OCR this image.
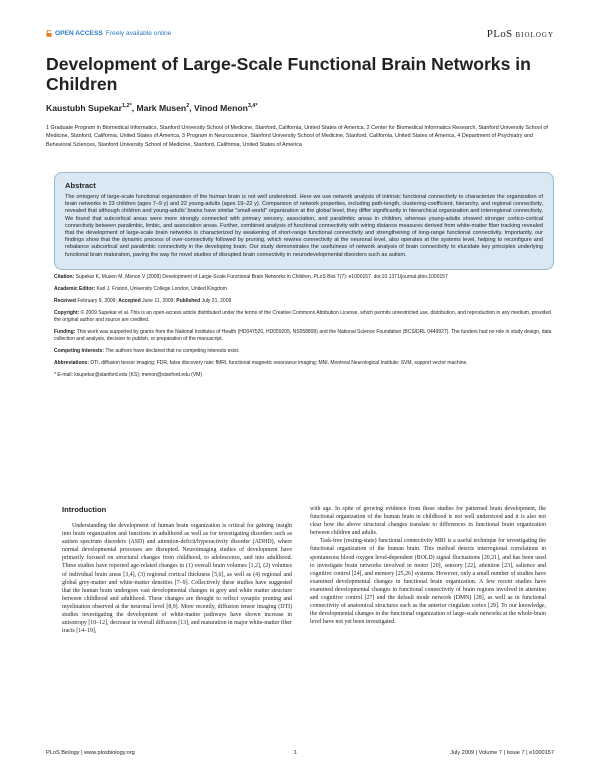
OPEN ACCESS Freely available online	PLoS BIOLOGY
Development of Large-Scale Functional Brain Networks in Children
Kaustubh Supekar$^{1,2*}$, Mark Musen$^2$, Vinod Menon$^{3,4*}$
1 Graduate Program in Biomedical Informatics, Stanford University School of Medicine, Stanford, California, United States of America, 2 Center for Biomedical Informatics Research, Stanford University School of Medicine, Stanford, California, United States of America, 3 Program in Neuroscience, Stanford University School of Medicine, Stanford, California, United States of America, 4 Department of Psychiatry and Behavioral Sciences, Stanford University School of Medicine, Stanford, California, United States of America
Abstract

The ontogeny of large-scale functional organization of the human brain is not well understood. Here we use network analysis of intrinsic functional connectivity to characterize the organization of brain networks in 23 children (ages 7–9 y) and 22 young-adults (ages 19–22 y). Comparison of network properties, including path-length, clustering-coefficient, hierarchy, and regional connectivity, revealed that although children and young-adults' brains have similar "small-world" organization at the global level, they differ significantly in hierarchical organization and interregional connectivity. We found that subcortical areas were more strongly connected with primary sensory, association, and paralimbic areas in children, whereas young-adults showed stronger cortico-cortical connectivity between paralimbic, limbic, and association areas. Further, combined analysis of functional connectivity with wiring distance measures derived from white-matter fiber tracking revealed that the development of large-scale brain networks is characterized by weakening of short-range functional connectivity and strengthening of long-range functional connectivity. Importantly, our findings show that the dynamic process of over-connectivity followed by pruning, which rewires connectivity at the neuronal level, also operates at the systems level, helping to reconfigure and rebalance subcortical and paralimbic connectivity in the developing brain. Our study demonstrates the usefulness of network analysis of brain connectivity to elucidate key principles underlying functional brain maturation, paving the way for novel studies of disrupted brain connectivity in neurodevelopmental disorders such as autism.

Citation: Supekar K, Musen M, Menon V (2009) Development of Large-Scale Functional Brain Networks in Children. PLoS Biol 7(7): e1000157. doi:10.1371/journal.pbio.1000157

Academic Editor: Karl J. Friston, University College London, United Kingdom

Received February 9, 2009; Accepted June 11, 2009; Published July 21, 2009

Copyright: © 2009 Supekar et al. This is an open-access article distributed under the terms of the Creative Commons Attribution License, which permits unrestricted use, distribution, and reproduction in any medium, provided the original author and source are credited.

Funding: This work was supported by grants from the National Institutes of Health (HD047520, HD059205, NS058899) and the National Science Foundation (BCS/DRL 0449927). The funders had no role in study design, data collection and analysis, decision to publish, or preparation of the manuscript.

Competing Interests: The authors have declared that no competing interests exist.

Abbreviations: DTI, diffusion tensor imaging; FDR, false discovery rate; fMRI, functional magnetic resonance imaging; MNI, Montreal Neurological Institute; SVM, support vector machine.

* E-mail: ksupekar@stanford.edu (KS); menon@stanford.edu (VM)

Introduction

Understanding the development of human brain organization is critical for gaining insight into brain organization and functions in adulthood as well as for investigating disorders such as autism spectrum disorders (ASD) and attention-deficit/hyperactivity disorder (ADHD), where normal developmental processes are disrupted. Neuroimaging studies of development have primarily focused on structural changes from childhood, to adolescence, and into adulthood. These studies have reported age-related changes in (1) overall brain volumes [1,2], (2) volumes of individual brain areas [3,4], (3) regional cortical thickness [5,6], as well as (4) regional and global grey-matter and white-matter densities [7–9]. Collectively these studies have suggested that the human brain undergoes vast developmental changes in grey and white matter structure between childhood and adulthood. These changes are thought to reflect synaptic pruning and myelination observed at the neuronal level [8,9]. More recently, diffusion tensor imaging (DTI) studies investigating the development of white-matter pathways have shown increase in anisotropy [10–12], decrease in overall diffusion [13], and maturation in major white-matter fiber tracts [14–19],

with age. In spite of growing evidence from these studies for patterned brain development, the functional organization of the human brain in childhood is not well understood and it is also not clear how the above structural changes translate to differences in functional brain organization between children and adults.

Task-free (resting-state) functional connectivity MRI is a useful technique for investigating the functional organization of the human brain. This method detects interregional correlations in spontaneous blood oxygen level-dependent (BOLD) signal fluctuations [20,21], and has been used to investigate brain networks involved in motor [20], sensory [22], attention [23], salience and cognitive control [24], and memory [25,26] systems. However, only a small number of studies have examined developmental changes in functional brain organization. A few recent studies have examined developmental changes in functional connectivity of brain regions involved in attention and cognitive control [27] and the default mode network (DMN) [28], as well as in functional connectivity of anatomical structures such as the anterior cingulate cortex [29]. To our knowledge, the developmental changes in the functional organization of large-scale networks at the whole-brain level have not yet been investigated.

PLoS Biology | www.plosbiology.org	1	July 2009 | Volume 7 | Issue 7 | e1000157
